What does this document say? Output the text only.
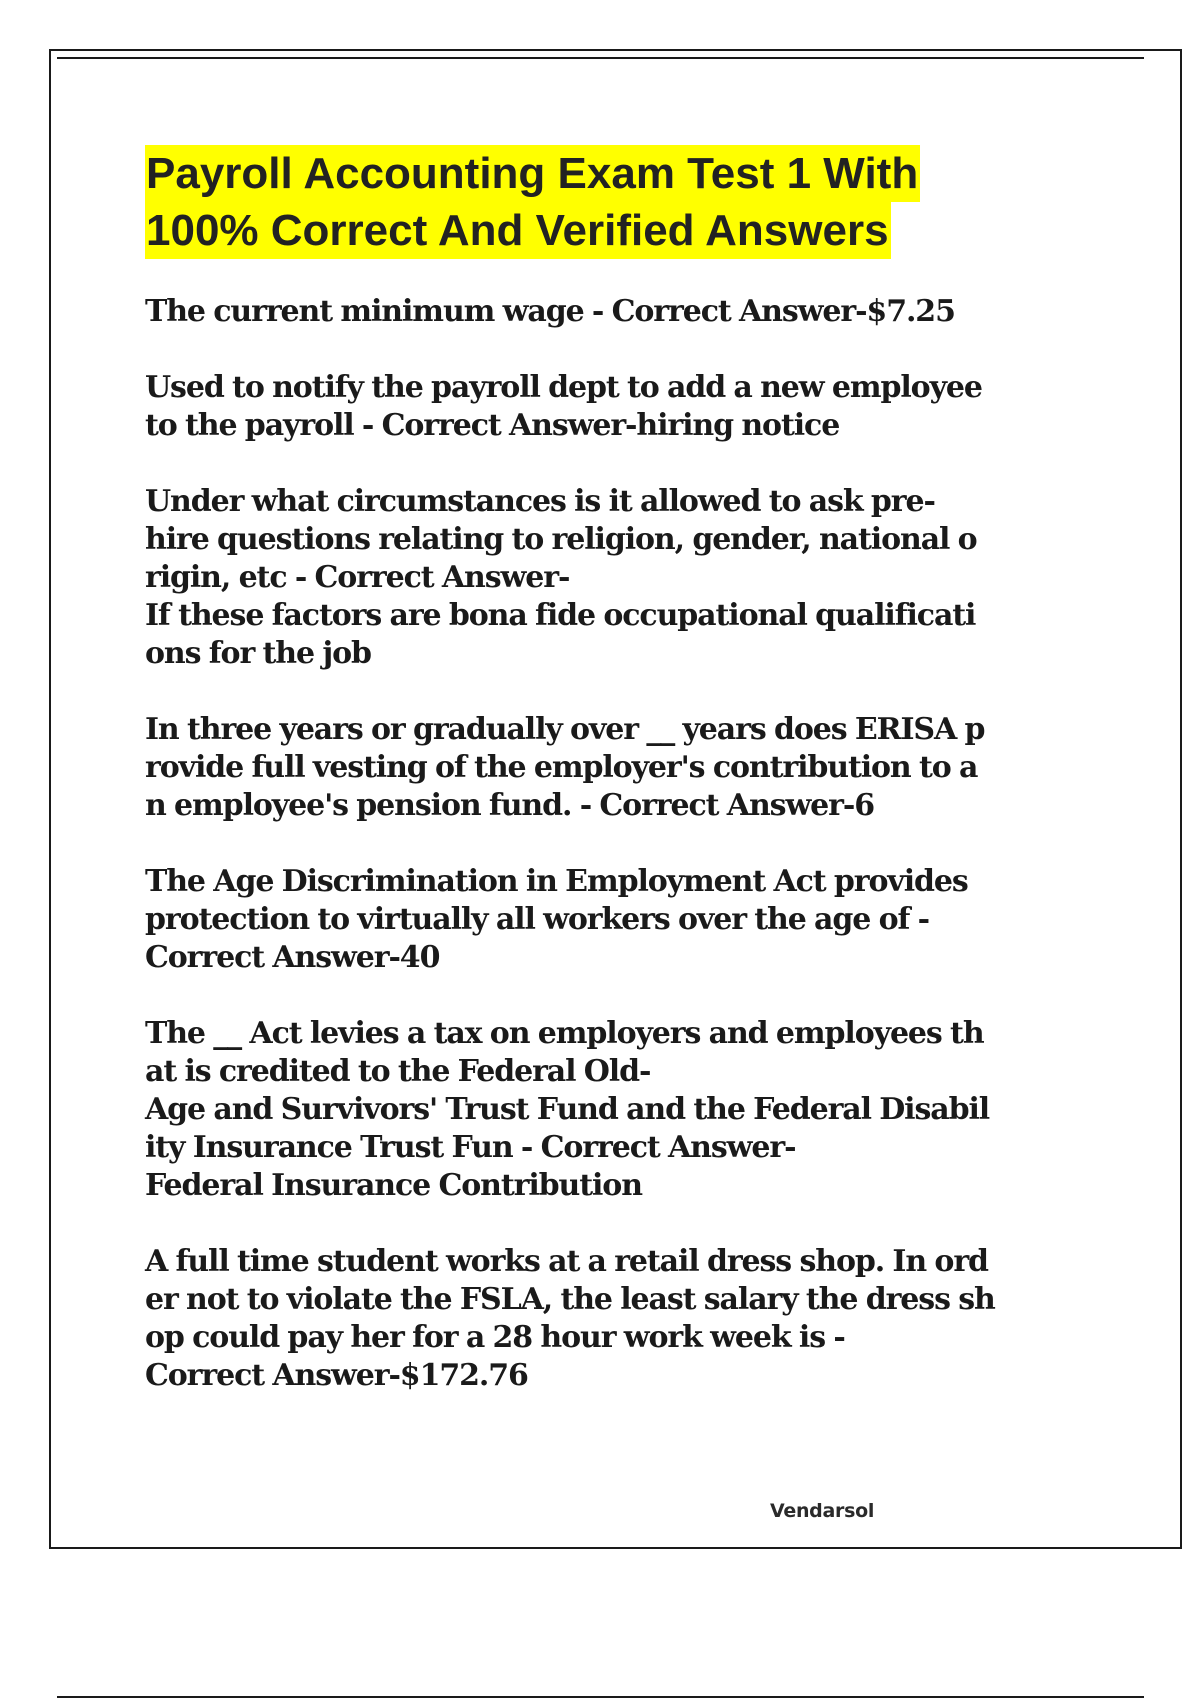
Payroll Accounting Exam Test 1 With
100% Correct And Verified Answers
The current minimum wage - Correct Answer-$7.25
Used to notify the payroll dept to add a new employee
to the payroll - Correct Answer-hiring notice
Under what circumstances is it allowed to ask pre-
hire questions relating to religion, gender, national o
rigin, etc - Correct Answer-
If these factors are bona fide occupational qualificati
ons for the job
In three years or gradually over __ years does ERISA p
rovide full vesting of the employer's contribution to a
n employee's pension fund. - Correct Answer-6
The Age Discrimination in Employment Act provides
protection to virtually all workers over the age of -
Correct Answer-40
The __ Act levies a tax on employers and employees th
at is credited to the Federal Old-
Age and Survivors' Trust Fund and the Federal Disabil
ity Insurance Trust Fun - Correct Answer-
Federal Insurance Contribution
A full time student works at a retail dress shop. In ord
er not to violate the FSLA, the least salary the dress sh
op could pay her for a 28 hour work week is -
Correct Answer-$172.76
Vendarsol
